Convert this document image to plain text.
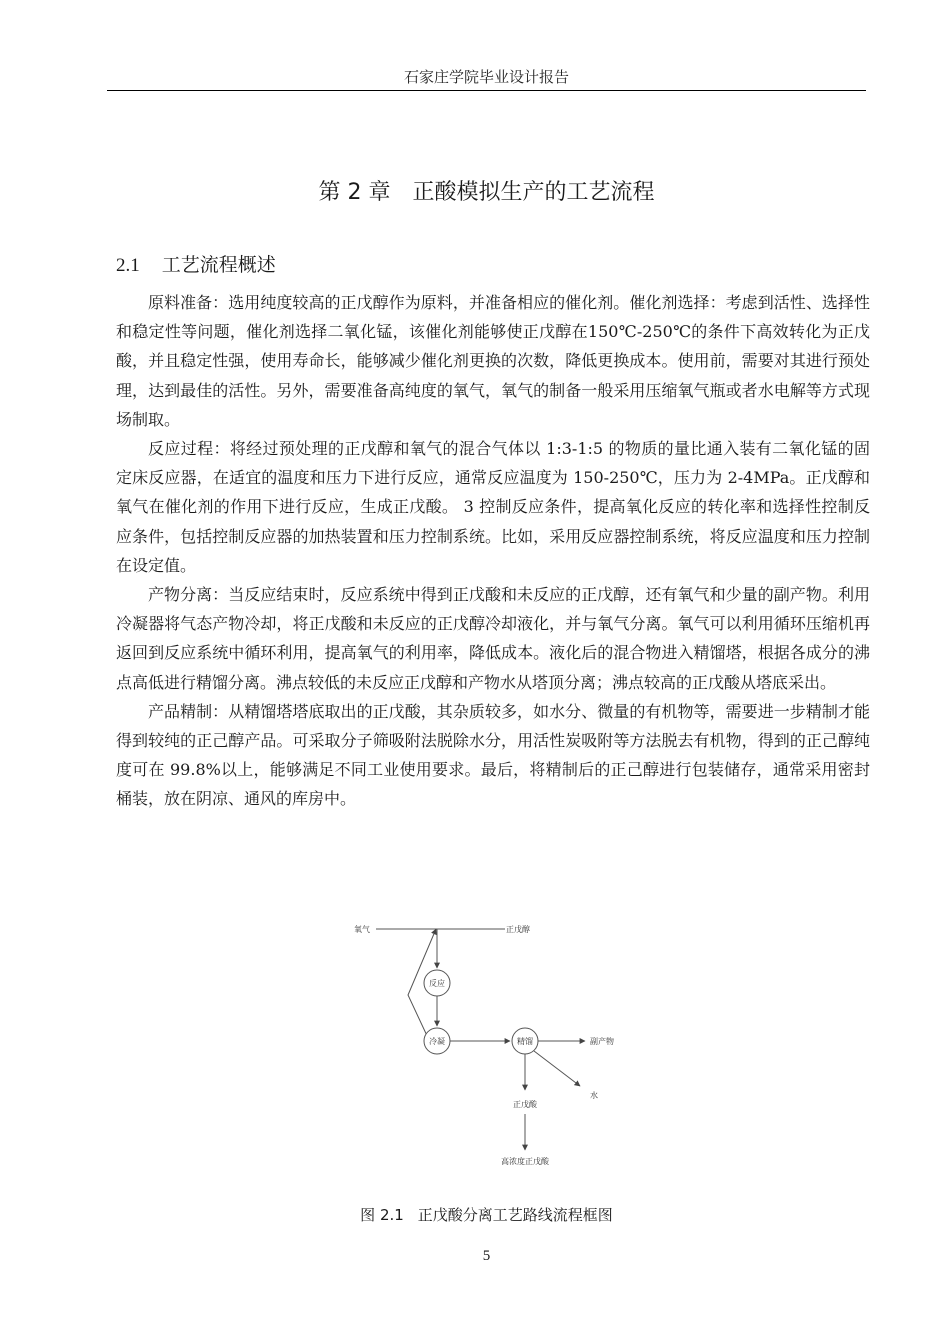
石家庄学院毕业设计报告
第 2 章 正酸模拟生产的工艺流程
2.1 工艺流程概述

原料准备：选用纯度较高的正戊醇作为原料，并准备相应的催化剂。催化剂选择：考虑到活性、选择性和稳定性等问题，催化剂选择二氧化锰，该催化剂能够使正戊醇在150℃-250℃的条件下高效转化为正戊酸，并且稳定性强，使用寿命长，能够减少催化剂更换的次数，降低更换成本。使用前，需要对其进行预处理，达到最佳的活性。另外，需要准备高纯度的氧气，氧气的制备一般采用压缩氧气瓶或者水电解等方式现场制取。

反应过程：将经过预处理的正戊醇和氧气的混合气体以 1:3-1:5 的物质的量比通入装有二氧化锰的固定床反应器，在适宜的温度和压力下进行反应，通常反应温度为 150-250℃，压力为 2-4MPa。正戊醇和氧气在催化剂的作用下进行反应，生成正戊酸。 3 控制反应条件，提高氧化反应的转化率和选择性控制反应条件，包括控制反应器的加热装置和压力控制系统。比如，采用反应器控制系统，将反应温度和压力控制在设定值。

产物分离：当反应结束时，反应系统中得到正戊酸和未反应的正戊醇，还有氧气和少量的副产物。利用冷凝器将气态产物冷却，将正戊酸和未反应的正戊醇冷却液化，并与氧气分离。氧气可以利用循环压缩机再返回到反应系统中循环利用，提高氧气的利用率，降低成本。液化后的混合物进入精馏塔，根据各成分的沸点高低进行精馏分离。沸点较低的未反应正戊醇和产物水从塔顶分离；沸点较高的正戊酸从塔底采出。

产品精制：从精馏塔塔底取出的正戊酸，其杂质较多，如水分、微量的有机物等，需要进一步精制才能得到较纯的正己醇产品。可采取分子筛吸附法脱除水分，用活性炭吸附等方法脱去有机物，得到的正己醇纯度可在 99.8%以上，能够满足不同工业使用要求。最后，将精制后的正己醇进行包装储存，通常采用密封桶装，放在阴凉、通风的库房中。

氧气	正戊醇
反应
冷凝	精馏	副产物
水
正戊酸
高浓度正戊酸
图 2.1 正戊酸分离工艺路线流程框图
5
